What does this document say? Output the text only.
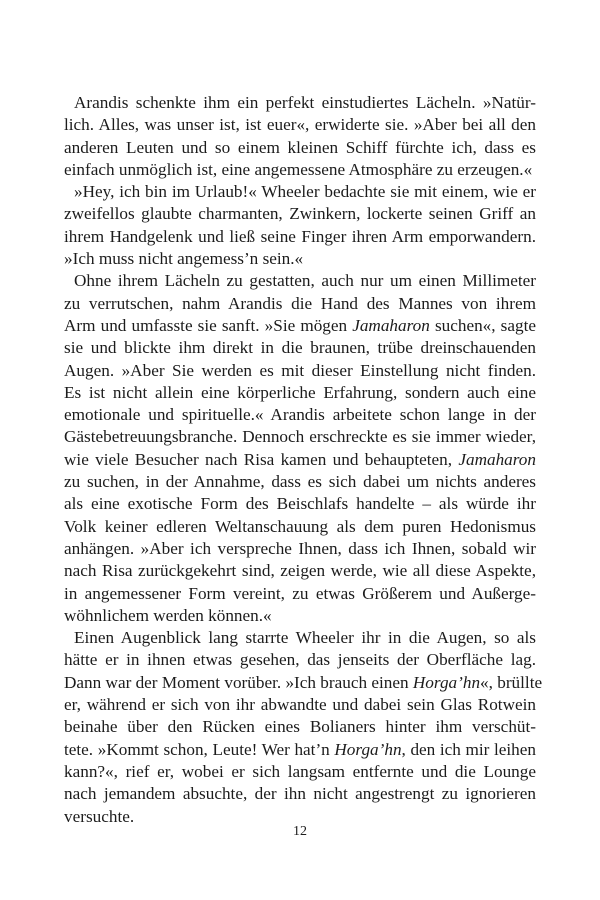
Arandis schenkte ihm ein perfekt einstudiertes Lächeln. »Natür-
lich. Alles, was unser ist, ist euer«, erwiderte sie. »Aber bei all den
anderen Leuten und so einem kleinen Schiff fürchte ich, dass es
einfach unmöglich ist, eine angemessene Atmosphäre zu erzeugen.«
»Hey, ich bin im Urlaub!« Wheeler bedachte sie mit einem, wie er
zweifellos glaubte charmanten, Zwinkern, lockerte seinen Griff an
ihrem Handgelenk und ließ seine Finger ihren Arm emporwandern.
»Ich muss nicht angemess’n sein.«
Ohne ihrem Lächeln zu gestatten, auch nur um einen Millimeter
zu verrutschen, nahm Arandis die Hand des Mannes von ihrem
Arm und umfasste sie sanft. »Sie mögen Jamaharon suchen«, sagte
sie und blickte ihm direkt in die braunen, trübe dreinschauenden
Augen. »Aber Sie werden es mit dieser Einstellung nicht finden.
Es ist nicht allein eine körperliche Erfahrung, sondern auch eine
emotionale und spirituelle.« Arandis arbeitete schon lange in der
Gästebetreuungsbranche. Dennoch erschreckte es sie immer wieder,
wie viele Besucher nach Risa kamen und behaupteten, Jamaharon
zu suchen, in der Annahme, dass es sich dabei um nichts anderes
als eine exotische Form des Beischlafs handelte – als würde ihr
Volk keiner edleren Weltanschauung als dem puren Hedonismus
anhängen. »Aber ich verspreche Ihnen, dass ich Ihnen, sobald wir
nach Risa zurückgekehrt sind, zeigen werde, wie all diese Aspekte,
in angemessener Form vereint, zu etwas Größerem und Außerge-
wöhnlichem werden können.«
Einen Augenblick lang starrte Wheeler ihr in die Augen, so als
hätte er in ihnen etwas gesehen, das jenseits der Oberfläche lag.
Dann war der Moment vorüber. »Ich brauch einen Horga’hn«, brüllte
er, während er sich von ihr abwandte und dabei sein Glas Rotwein
beinahe über den Rücken eines Bolianers hinter ihm verschüt-
tete. »Kommt schon, Leute! Wer hat’n Horga’hn, den ich mir leihen
kann?«, rief er, wobei er sich langsam entfernte und die Lounge
nach jemandem absuchte, der ihn nicht angestrengt zu ignorieren
versuchte.
12
